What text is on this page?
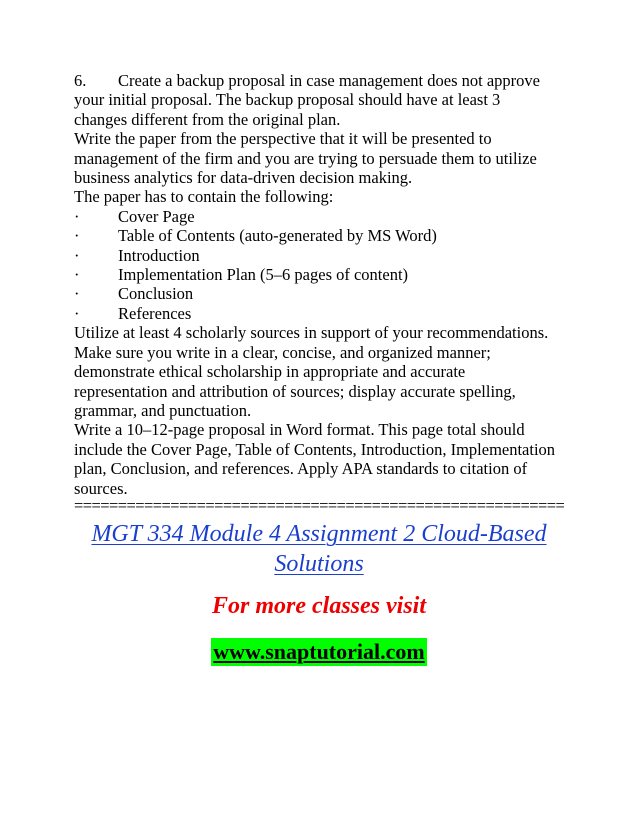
6. Create a backup proposal in case management does not approve
your initial proposal. The backup proposal should have at least 3
changes different from the original plan.
Write the paper from the perspective that it will be presented to
management of the firm and you are trying to persuade them to utilize
business analytics for data-driven decision making.
The paper has to contain the following:
· Cover Page
· Table of Contents (auto-generated by MS Word)
· Introduction
· Implementation Plan (5–6 pages of content)
· Conclusion
· References
Utilize at least 4 scholarly sources in support of your recommendations.
Make sure you write in a clear, concise, and organized manner;
demonstrate ethical scholarship in appropriate and accurate
representation and attribution of sources; display accurate spelling,
grammar, and punctuation.
Write a 10–12-page proposal in Word format. This page total should
include the Cover Page, Table of Contents, Introduction, Implementation
plan, Conclusion, and references. Apply APA standards to citation of
sources.
========================================================
MGT 334 Module 4 Assignment 2 Cloud-Based
Solutions
For more classes visit
www.snaptutorial.com
